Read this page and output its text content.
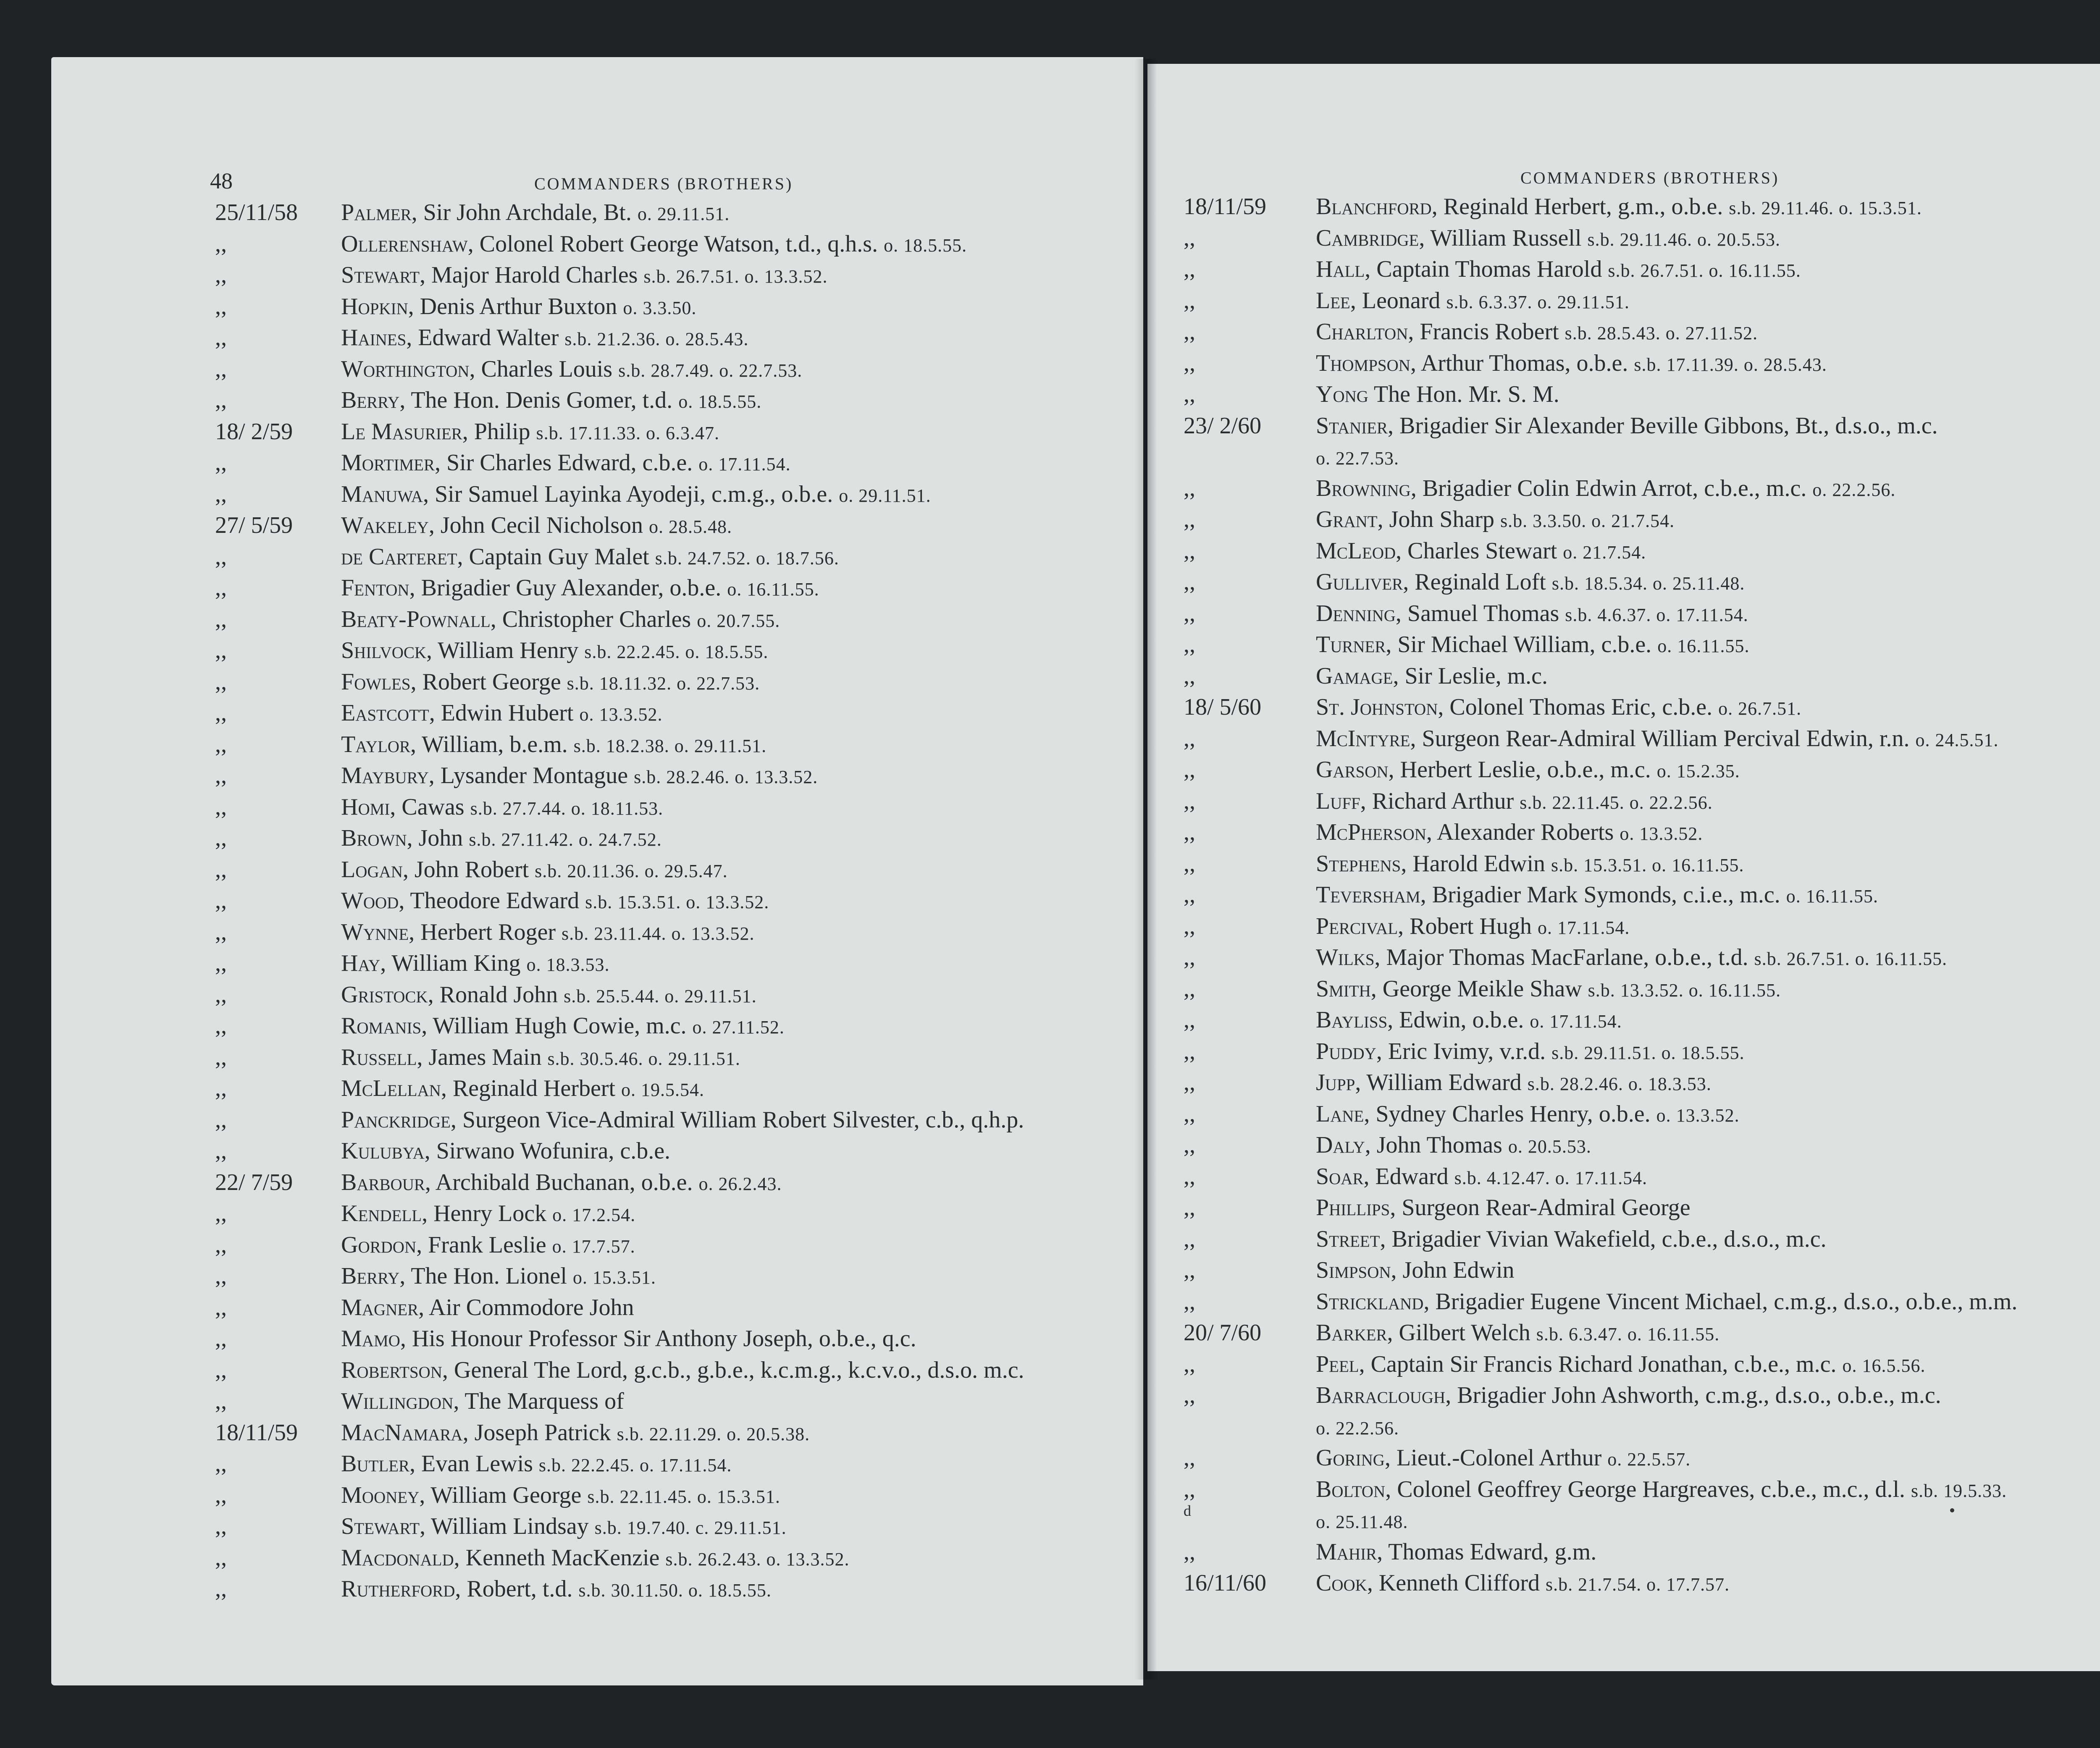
48	COMMANDERS (BROTHERS)
25/11/58	Palmer, Sir John Archdale, Bt. o. 29.11.51.
,,	Ollerenshaw, Colonel Robert George Watson, t.d., q.h.s. o. 18.5.55.
,,	Stewart, Major Harold Charles s.b. 26.7.51. o. 13.3.52.
,,	Hopkin, Denis Arthur Buxton o. 3.3.50.
,,	Haines, Edward Walter s.b. 21.2.36. o. 28.5.43.
,,	Worthington, Charles Louis s.b. 28.7.49. o. 22.7.53.
,,	Berry, The Hon. Denis Gomer, t.d. o. 18.5.55.
18/ 2/59	Le Masurier, Philip s.b. 17.11.33. o. 6.3.47.
,,	Mortimer, Sir Charles Edward, c.b.e. o. 17.11.54.
,,	Manuwa, Sir Samuel Layinka Ayodeji, c.m.g., o.b.e. o. 29.11.51.
27/ 5/59	Wakeley, John Cecil Nicholson o. 28.5.48.
,,	de Carteret, Captain Guy Malet s.b. 24.7.52. o. 18.7.56.
,,	Fenton, Brigadier Guy Alexander, o.b.e. o. 16.11.55.
,,	Beaty-Pownall, Christopher Charles o. 20.7.55.
,,	Shilvock, William Henry s.b. 22.2.45. o. 18.5.55.
,,	Fowles, Robert George s.b. 18.11.32. o. 22.7.53.
,,	Eastcott, Edwin Hubert o. 13.3.52.
,,	Taylor, William, b.e.m. s.b. 18.2.38. o. 29.11.51.
,,	Maybury, Lysander Montague s.b. 28.2.46. o. 13.3.52.
,,	Homi, Cawas s.b. 27.7.44. o. 18.11.53.
,,	Brown, John s.b. 27.11.42. o. 24.7.52.
,,	Logan, John Robert s.b. 20.11.36. o. 29.5.47.
,,	Wood, Theodore Edward s.b. 15.3.51. o. 13.3.52.
,,	Wynne, Herbert Roger s.b. 23.11.44. o. 13.3.52.
,,	Hay, William King o. 18.3.53.
,,	Gristock, Ronald John s.b. 25.5.44. o. 29.11.51.
,,	Romanis, William Hugh Cowie, m.c. o. 27.11.52.
,,	Russell, James Main s.b. 30.5.46. o. 29.11.51.
,,	McLellan, Reginald Herbert o. 19.5.54.
,,	Panckridge, Surgeon Vice-Admiral William Robert Silvester, c.b., q.h.p.
,,	Kulubya, Sirwano Wofunira, c.b.e.
22/ 7/59	Barbour, Archibald Buchanan, o.b.e. o. 26.2.43.
,,	Kendell, Henry Lock o. 17.2.54.
,,	Gordon, Frank Leslie o. 17.7.57.
,,	Berry, The Hon. Lionel o. 15.3.51.
,,	Magner, Air Commodore John
,,	Mamo, His Honour Professor Sir Anthony Joseph, o.b.e., q.c.
,,	Robertson, General The Lord, g.c.b., g.b.e., k.c.m.g., k.c.v.o., d.s.o. m.c.
,,	Willingdon, The Marquess of
18/11/59	MacNamara, Joseph Patrick s.b. 22.11.29. o. 20.5.38.
,,	Butler, Evan Lewis s.b. 22.2.45. o. 17.11.54.
,,	Mooney, William George s.b. 22.11.45. o. 15.3.51.
,,	Stewart, William Lindsay s.b. 19.7.40. c. 29.11.51.
,,	Macdonald, Kenneth MacKenzie s.b. 26.2.43. o. 13.3.52.
,,	Rutherford, Robert, t.d. s.b. 30.11.50. o. 18.5.55.
COMMANDERS (BROTHERS)
18/11/59	Blanchford, Reginald Herbert, g.m., o.b.e. s.b. 29.11.46. o. 15.3.51.
,,	Cambridge, William Russell s.b. 29.11.46. o. 20.5.53.
,,	Hall, Captain Thomas Harold s.b. 26.7.51. o. 16.11.55.
,,	Lee, Leonard s.b. 6.3.37. o. 29.11.51.
,,	Charlton, Francis Robert s.b. 28.5.43. o. 27.11.52.
,,	Thompson, Arthur Thomas, o.b.e. s.b. 17.11.39. o. 28.5.43.
,,	Yong The Hon. Mr. S. M.
23/ 2/60	Stanier, Brigadier Sir Alexander Beville Gibbons, Bt., d.s.o., m.c.
o. 22.7.53.
,,	Browning, Brigadier Colin Edwin Arrot, c.b.e., m.c. o. 22.2.56.
,,	Grant, John Sharp s.b. 3.3.50. o. 21.7.54.
,,	McLeod, Charles Stewart o. 21.7.54.
,,	Gulliver, Reginald Loft s.b. 18.5.34. o. 25.11.48.
,,	Denning, Samuel Thomas s.b. 4.6.37. o. 17.11.54.
,,	Turner, Sir Michael William, c.b.e. o. 16.11.55.
,,	Gamage, Sir Leslie, m.c.
18/ 5/60	St. Johnston, Colonel Thomas Eric, c.b.e. o. 26.7.51.
,,	McIntyre, Surgeon Rear-Admiral William Percival Edwin, r.n. o. 24.5.51.
,,	Garson, Herbert Leslie, o.b.e., m.c. o. 15.2.35.
,,	Luff, Richard Arthur s.b. 22.11.45. o. 22.2.56.
,,	McPherson, Alexander Roberts o. 13.3.52.
,,	Stephens, Harold Edwin s.b. 15.3.51. o. 16.11.55.
,,	Teversham, Brigadier Mark Symonds, c.i.e., m.c. o. 16.11.55.
,,	Percival, Robert Hugh o. 17.11.54.
,,	Wilks, Major Thomas MacFarlane, o.b.e., t.d. s.b. 26.7.51. o. 16.11.55.
,,	Smith, George Meikle Shaw s.b. 13.3.52. o. 16.11.55.
,,	Bayliss, Edwin, o.b.e. o. 17.11.54.
,,	Puddy, Eric Ivimy, v.r.d. s.b. 29.11.51. o. 18.5.55.
,,	Jupp, William Edward s.b. 28.2.46. o. 18.3.53.
,,	Lane, Sydney Charles Henry, o.b.e. o. 13.3.52.
,,	Daly, John Thomas o. 20.5.53.
,,	Soar, Edward s.b. 4.12.47. o. 17.11.54.
,,	Phillips, Surgeon Rear-Admiral George
,,	Street, Brigadier Vivian Wakefield, c.b.e., d.s.o., m.c.
,,	Simpson, John Edwin
,,	Strickland, Brigadier Eugene Vincent Michael, c.m.g., d.s.o., o.b.e., m.m.
20/ 7/60	Barker, Gilbert Welch s.b. 6.3.47. o. 16.11.55.
,,	Peel, Captain Sir Francis Richard Jonathan, c.b.e., m.c. o. 16.5.56.
,,	Barraclough, Brigadier John Ashworth, c.m.g., d.s.o., o.b.e., m.c.
o. 22.2.56.
,,	Goring, Lieut.-Colonel Arthur o. 22.5.57.
,,	Bolton, Colonel Geoffrey George Hargreaves, c.b.e., m.c., d.l. s.b. 19.5.33.
o. 25.11.48.
,,	Mahir, Thomas Edward, g.m.
16/11/60	Cook, Kenneth Clifford s.b. 21.7.54. o. 17.7.57.
d
